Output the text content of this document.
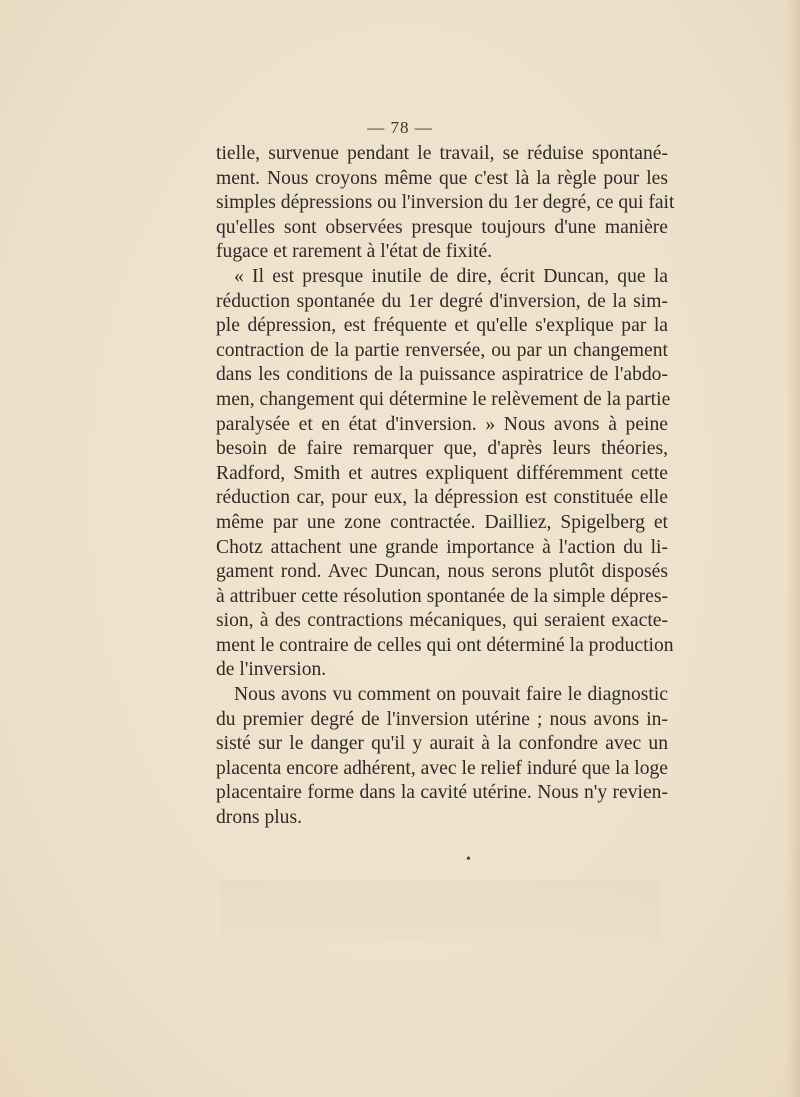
— 78 —
tielle, survenue pendant le travail, se réduise spontané-
ment. Nous croyons même que c'est là la règle pour les
simples dépressions ou l'inversion du 1er degré, ce qui fait
qu'elles sont observées presque toujours d'une manière
fugace et rarement à l'état de fixité.
« Il est presque inutile de dire, écrit Duncan, que la
réduction spontanée du 1er degré d'inversion, de la sim-
ple dépression, est fréquente et qu'elle s'explique par la
contraction de la partie renversée, ou par un changement
dans les conditions de la puissance aspiratrice de l'abdo-
men, changement qui détermine le relèvement de la partie
paralysée et en état d'inversion. » Nous avons à peine
besoin de faire remarquer que, d'après leurs théories,
Radford, Smith et autres expliquent différemment cette
réduction car, pour eux, la dépression est constituée elle
même par une zone contractée. Dailliez, Spigelberg et
Chotz attachent une grande importance à l'action du li-
gament rond. Avec Duncan, nous serons plutôt disposés
à attribuer cette résolution spontanée de la simple dépres-
sion, à des contractions mécaniques, qui seraient exacte-
ment le contraire de celles qui ont déterminé la production
de l'inversion.
Nous avons vu comment on pouvait faire le diagnostic
du premier degré de l'inversion utérine ; nous avons in-
sisté sur le danger qu'il y aurait à la confondre avec un
placenta encore adhérent, avec le relief induré que la loge
placentaire forme dans la cavité utérine. Nous n'y revien-
drons plus.
•
